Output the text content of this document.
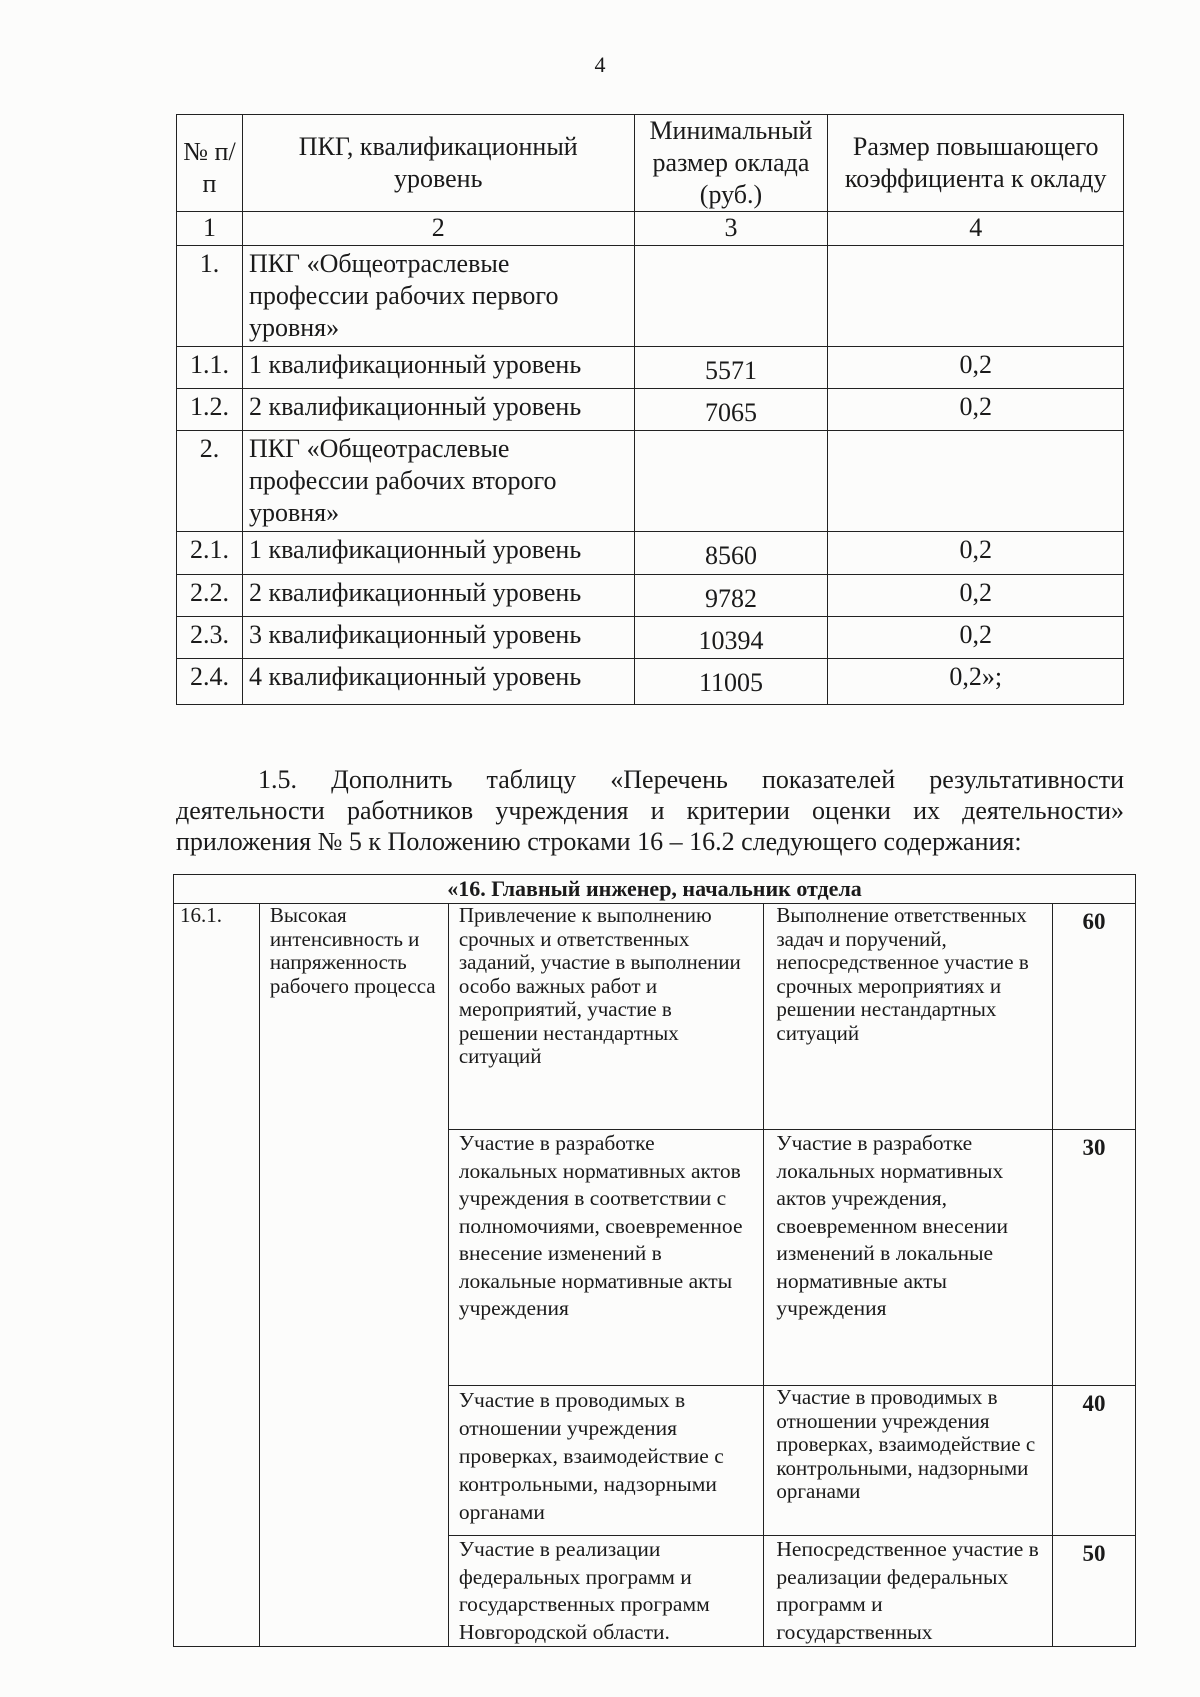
4
№ п/п	ПКГ, квалификационный уровень	Минимальный размер оклада (руб.)	Размер повышающего коэффициента к окладу
1	2	3	4
1.	ПКГ «Общеотраслевые профессии рабочих первого уровня»		
1.1.	1 квалификационный уровень	5571	0,2
1.2.	2 квалификационный уровень	7065	0,2
2.	ПКГ «Общеотраслевые профессии рабочих второго уровня»		
2.1.	1 квалификационный уровень	8560	0,2
2.2.	2 квалификационный уровень	9782	0,2
2.3.	3 квалификационный уровень	10394	0,2
2.4.	4 квалификационный уровень	11005	0,2»;

1.5. Дополнить таблицу «Перечень показателей результативности деятельности работников учреждения и критерии оценки их деятельности» приложения № 5 к Положению строками 16 – 16.2 следующего содержания:

«16. Главный инженер, начальник отдела				
16.1.	Высокая интенсивность и напряженность рабочего процесса	Привлечение к выполнению срочных и ответственных заданий, участие в выполнении особо важных работ и мероприятий, участие в решении нестандартных ситуаций	Выполнение ответственных задач и поручений, непосредственное участие в срочных мероприятиях и решении нестандартных ситуаций	60
		Участие в разработке локальных нормативных актов учреждения в соответствии с полномочиями, своевременное внесение изменений в локальные нормативные акты учреждения	Участие в разработке локальных нормативных актов учреждения, своевременном внесении изменений в локальные нормативные акты учреждения	30
		Участие в проводимых в отношении учреждения проверках, взаимодействие с контрольными, надзорными органами	Участие в проводимых в отношении учреждения проверках, взаимодействие с контрольными, надзорными органами	40
		Участие в реализации федеральных программ и государственных программ Новгородской области.	Непосредственное участие в реализации федеральных программ и государственных	50
